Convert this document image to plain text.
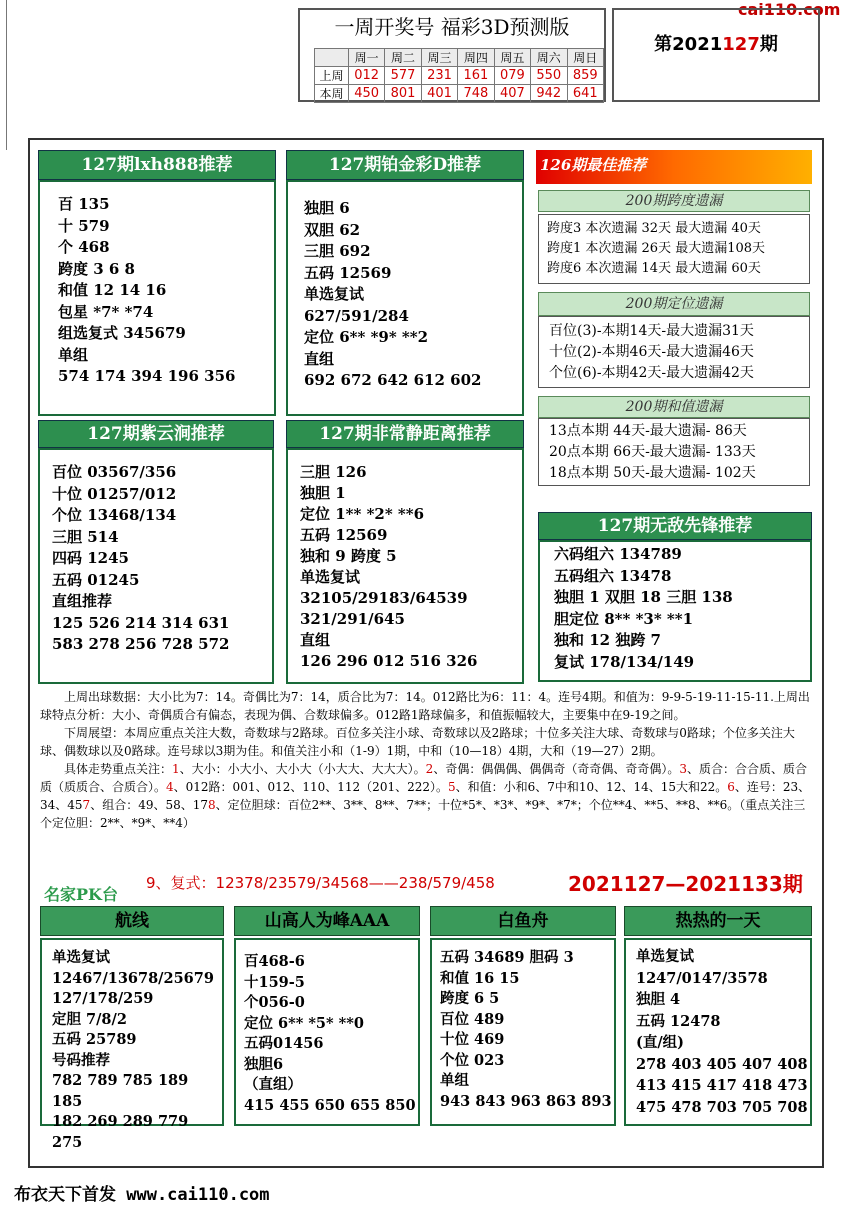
cai110.com
一周开奖号 福彩3D预测版
	周一	周二	周三	周四	周五	周六	周日
上周	012	577	231	161	079	550	859
本周	450	801	401	748	407	942	641
第2021127期
127期lxh888推荐
百 135
十 579
个 468
跨度 3 6 8
和值 12 14 16
包星 *7* *74
组选复式 345679
单组
574 174 394 196 356
127期铂金彩D推荐
独胆 6
双胆 62
三胆 692
五码 12569
单选复试
627/591/284
定位 6** *9* **2
直组
692 672 642 612 602
127期紫云涧推荐
百位 03567/356
十位 01257/012
个位 13468/134
三胆 514
四码 1245
五码 01245
直组推荐
125 526 214 314 631
583 278 256 728 572
127期非常静距离推荐
三胆 126
独胆 1
定位 1** *2* **6
五码 12569
独和 9 跨度 5
单选复试
32105/29183/64539
321/291/645
直组
126 296 012 516 326
126期最佳推荐
200期跨度遗漏
跨度3 本次遗漏 32天 最大遗漏 40天
跨度1 本次遗漏 26天 最大遗漏108天
跨度6 本次遗漏 14天 最大遗漏 60天
200期定位遗漏
百位(3)-本期14天-最大遗漏31天
十位(2)-本期46天-最大遗漏46天
个位(6)-本期42天-最大遗漏42天
200期和值遗漏
13点本期 44天-最大遗漏- 86天
20点本期 66天-最大遗漏- 133天
18点本期 50天-最大遗漏- 102天
127期无敌先锋推荐
六码组六 134789
五码组六 13478
独胆 1 双胆 18 三胆 138
胆定位 8** *3* **1
独和 12 独跨 7
复试 178/134/149

上周出球数据：大小比为7：14。奇偶比为7：14，质合比为7：14。012路比为6：11：4。连号4期。和值为：9-9-5-19-11-15-11.上周出球特点分析：大小、奇偶质合有偏态，表现为偶、合数球偏多。012路1路球偏多，和值振幅较大，主要集中在9-19之间。

下周展望：本周应重点关注大数，奇数球与2路球。百位多关注小球、奇数球以及2路球；十位多关注大球、奇数球与0路球；个位多关注大球、偶数球以及0路球。连号球以3期为佳。和值关注小和（1-9）1期，中和（10—18）4期，大和（19—27）2期。

具体走势重点关注：1、大小：小大小、大小大（小大大、大大大）。2、奇偶：偶偶偶、偶偶奇（奇奇偶、奇奇偶）。3、质合：合合质、质合质（质质合、合质合）。4、012路：001、012、110、112（201、222）。5、和值：小和6、7中和10、12、14、15大和22。6、连号：23、34、457、组合：49、58、178、定位胆球：百位2**、3**、8**、7**；十位*5*、*3*、*9*、*7*；个位**4、**5、**8、**6。（重点关注三个定位胆：2**、*9*、**4）

名家PK台
9、复式：12378/23579/34568——238/579/458	2021127—2021133期
航线
单选复试
12467/13678/25679
127/178/259
定胆 7/8/2
五码 25789
号码推荐
782 789 785 189 185
182 269 289 779 275
山高人为峰AAA
百468-6
十159-5
个056-0
定位 6** *5* **0
五码01456
独胆6
（直组）
415 455 650 655 850
白鱼舟
五码 34689 胆码 3
和值 16 15
跨度 6 5
百位 489
十位 469
个位 023
单组
943 843 963 863 893
热热的一天
单选复试
1247/0147/3578
独胆 4
五码 12478
(直/组)
278 403 405 407 408
413 415 417 418 473
475 478 703 705 708
布衣天下首发 www.cai110.com
